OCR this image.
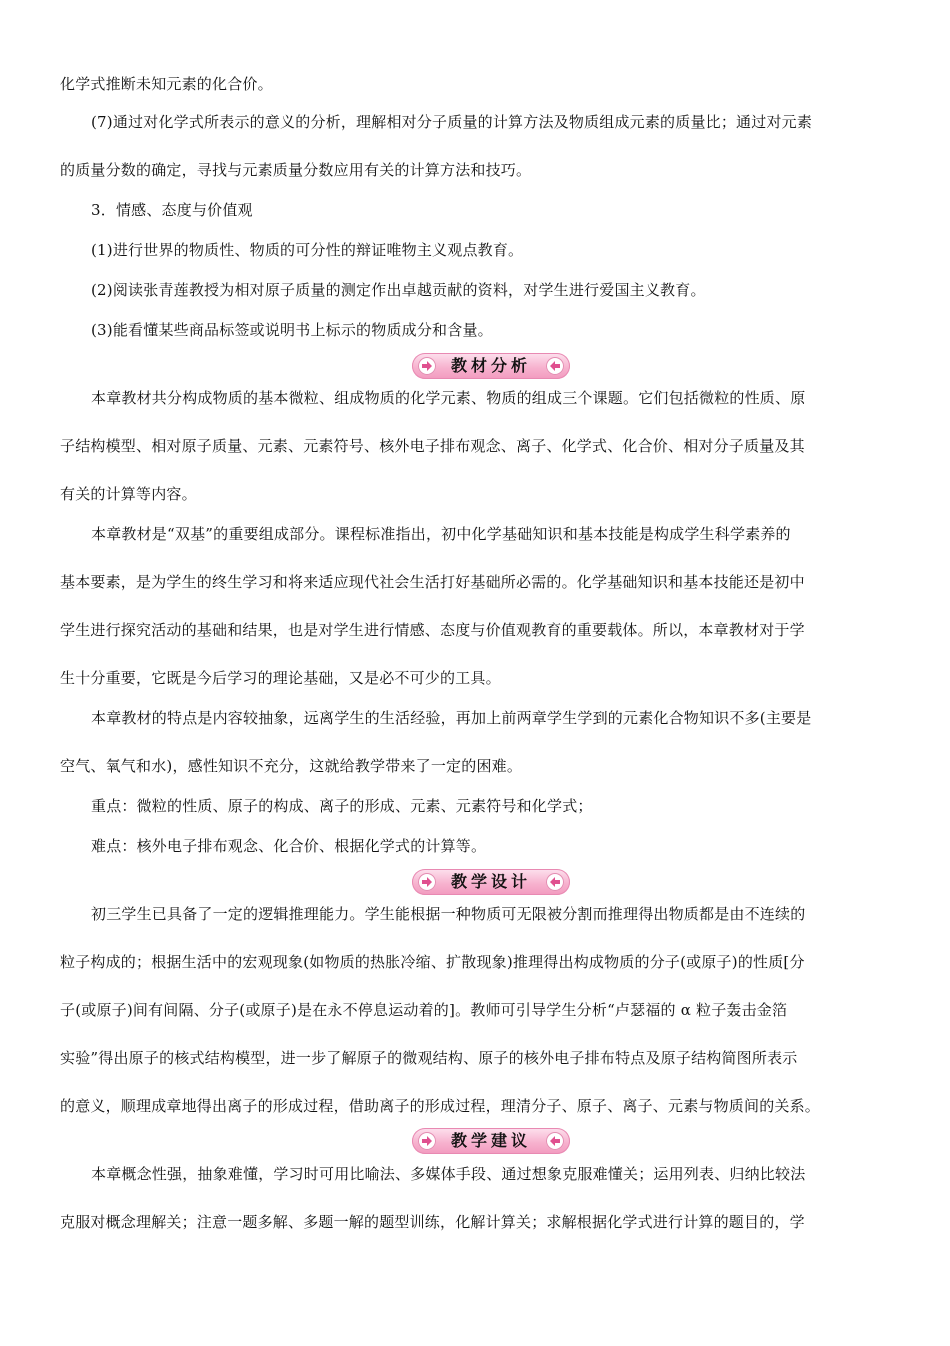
化学式推断未知元素的化合价。
(7)通过对化学式所表示的意义的分析，理解相对分子质量的计算方法及物质组成元素的质量比；通过对元素
的质量分数的确定，寻找与元素质量分数应用有关的计算方法和技巧。
3．情感、态度与价值观
(1)进行世界的物质性、物质的可分性的辩证唯物主义观点教育。
(2)阅读张青莲教授为相对原子质量的测定作出卓越贡献的资料，对学生进行爱国主义教育。
(3)能看懂某些商品标签或说明书上标示的物质成分和含量。
教材分析
本章教材共分构成物质的基本微粒、组成物质的化学元素、物质的组成三个课题。它们包括微粒的性质、原
子结构模型、相对原子质量、元素、元素符号、核外电子排布观念、离子、化学式、化合价、相对分子质量及其
有关的计算等内容。
本章教材是“双基”的重要组成部分。课程标准指出，初中化学基础知识和基本技能是构成学生科学素养的
基本要素，是为学生的终生学习和将来适应现代社会生活打好基础所必需的。化学基础知识和基本技能还是初中
学生进行探究活动的基础和结果，也是对学生进行情感、态度与价值观教育的重要载体。所以，本章教材对于学
生十分重要，它既是今后学习的理论基础，又是必不可少的工具。
本章教材的特点是内容较抽象，远离学生的生活经验，再加上前两章学生学到的元素化合物知识不多(主要是
空气、氧气和水)，感性知识不充分，这就给教学带来了一定的困难。
重点：微粒的性质、原子的构成、离子的形成、元素、元素符号和化学式；
难点：核外电子排布观念、化合价、根据化学式的计算等。
教学设计
初三学生已具备了一定的逻辑推理能力。学生能根据一种物质可无限被分割而推理得出物质都是由不连续的
粒子构成的；根据生活中的宏观现象(如物质的热胀冷缩、扩散现象)推理得出构成物质的分子(或原子)的性质[分
子(或原子)间有间隔、分子(或原子)是在永不停息运动着的]。教师可引导学生分析“卢瑟福的 α 粒子轰击金箔
实验”得出原子的核式结构模型，进一步了解原子的微观结构、原子的核外电子排布特点及原子结构简图所表示
的意义，顺理成章地得出离子的形成过程，借助离子的形成过程，理清分子、原子、离子、元素与物质间的关系。
教学建议
本章概念性强，抽象难懂，学习时可用比喻法、多媒体手段、通过想象克服难懂关；运用列表、归纳比较法
克服对概念理解关；注意一题多解、多题一解的题型训练，化解计算关；求解根据化学式进行计算的题目的，学
